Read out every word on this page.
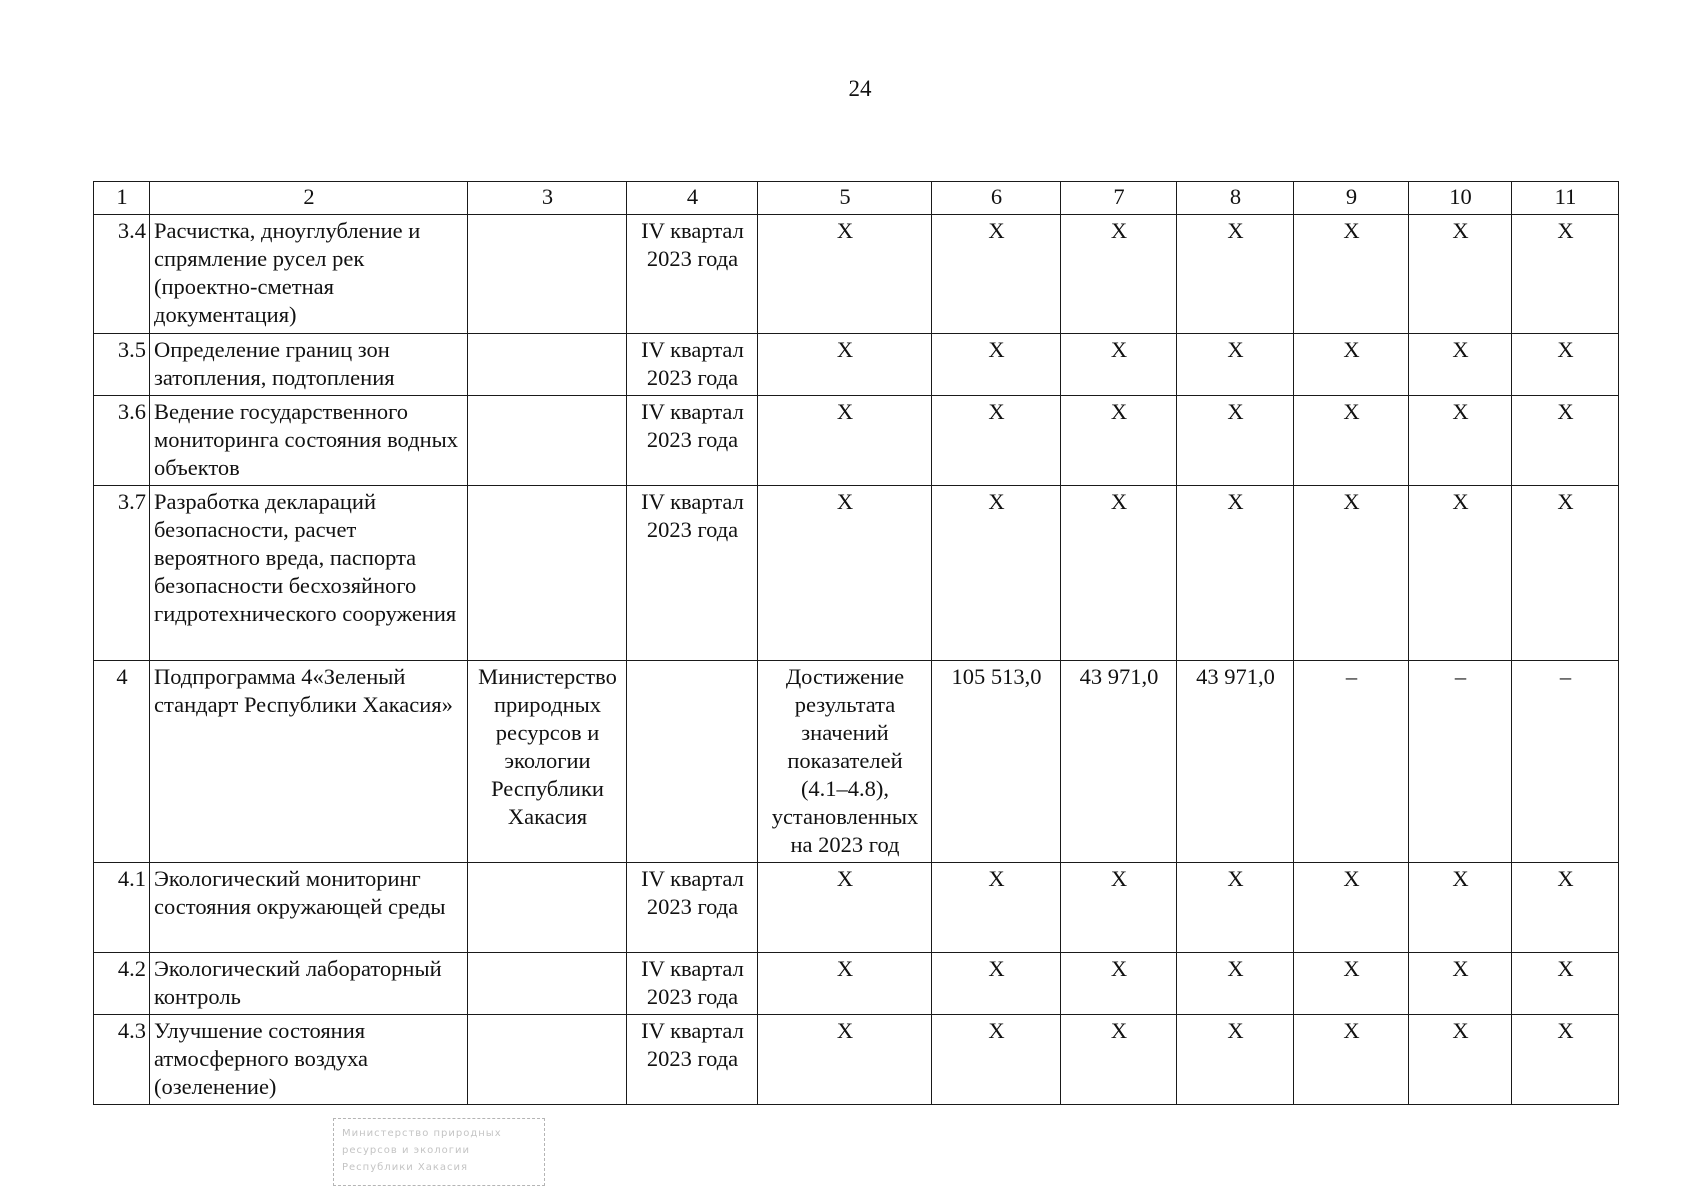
24
1	2	3	4	5	6	7	8	9	10	11
3.4	Расчистка, дноуглубление и спрямление русел рек (проектно-сметная документация)		IV квартал 2023 года	X	X	X	X	X	X	X
3.5	Определение границ зон затопления, подтопления		IV квартал 2023 года	X	X	X	X	X	X	X
3.6	Ведение государственного мониторинга состояния водных объектов		IV квартал 2023 года	X	X	X	X	X	X	X
3.7	Разработка деклараций безопасности, расчет вероятного вреда, паспорта безопасности бесхозяйного гидротехнического сооружения		IV квартал 2023 года	X	X	X	X	X	X	X
4	Подпрограмма 4«Зеленый стандарт Республики Хакасия»	Министерство природных ресурсов и экологии Республики Хакасия		Достижение результата значений показателей (4.1–4.8), установленных на 2023 год	105 513,0	43 971,0	43 971,0	–	–	–
4.1	Экологический мониторинг состояния окружающей среды		IV квартал 2023 года	X	X	X	X	X	X	X
4.2	Экологический лабораторный контроль		IV квартал 2023 года	X	X	X	X	X	X	X
4.3	Улучшение состояния атмосферного воздуха (озеленение)		IV квартал 2023 года	X	X	X	X	X	X	X
Министерство природных
ресурсов и экологии
Республики Хакасия
